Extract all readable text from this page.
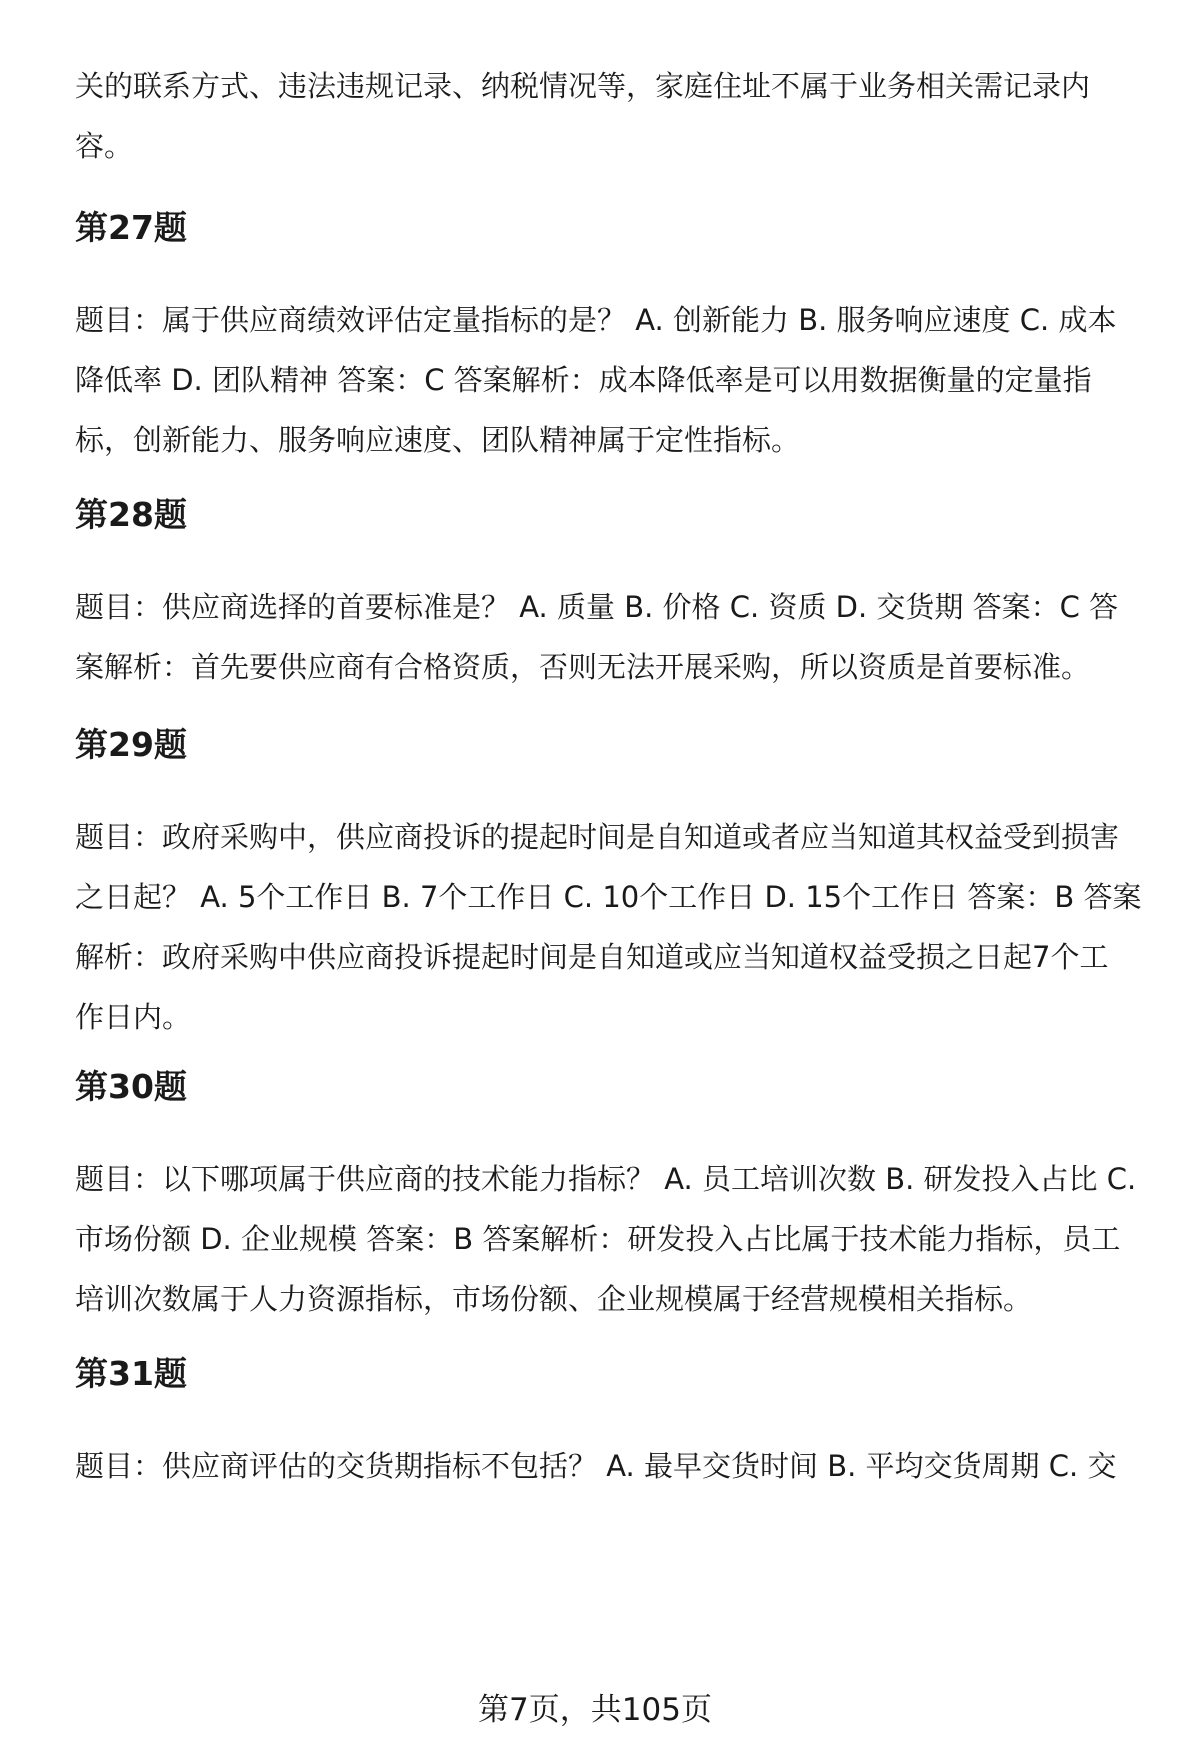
关的联系方式、违法违规记录、纳税情况等，家庭住址不属于业务相关需记录内

容。

第27题

题目：属于供应商绩效评估定量指标的是？ A. 创新能力 B. 服务响应速度 C. 成本

降低率 D. 团队精神 答案：C 答案解析：成本降低率是可以用数据衡量的定量指

标，创新能力、服务响应速度、团队精神属于定性指标。

第28题

题目：供应商选择的首要标准是？ A. 质量 B. 价格 C. 资质 D. 交货期 答案：C 答

案解析：首先要供应商有合格资质，否则无法开展采购，所以资质是首要标准。

第29题

题目：政府采购中，供应商投诉的提起时间是自知道或者应当知道其权益受到损害

之日起？ A. 5个工作日 B. 7个工作日 C. 10个工作日 D. 15个工作日 答案：B 答案

解析：政府采购中供应商投诉提起时间是自知道或应当知道权益受损之日起7个工

作日内。

第30题

题目：以下哪项属于供应商的技术能力指标？ A. 员工培训次数 B. 研发投入占比 C.

市场份额 D. 企业规模 答案：B 答案解析：研发投入占比属于技术能力指标，员工

培训次数属于人力资源指标，市场份额、企业规模属于经营规模相关指标。

第31题

题目：供应商评估的交货期指标不包括？ A. 最早交货时间 B. 平均交货周期 C. 交

第7页，共105页
